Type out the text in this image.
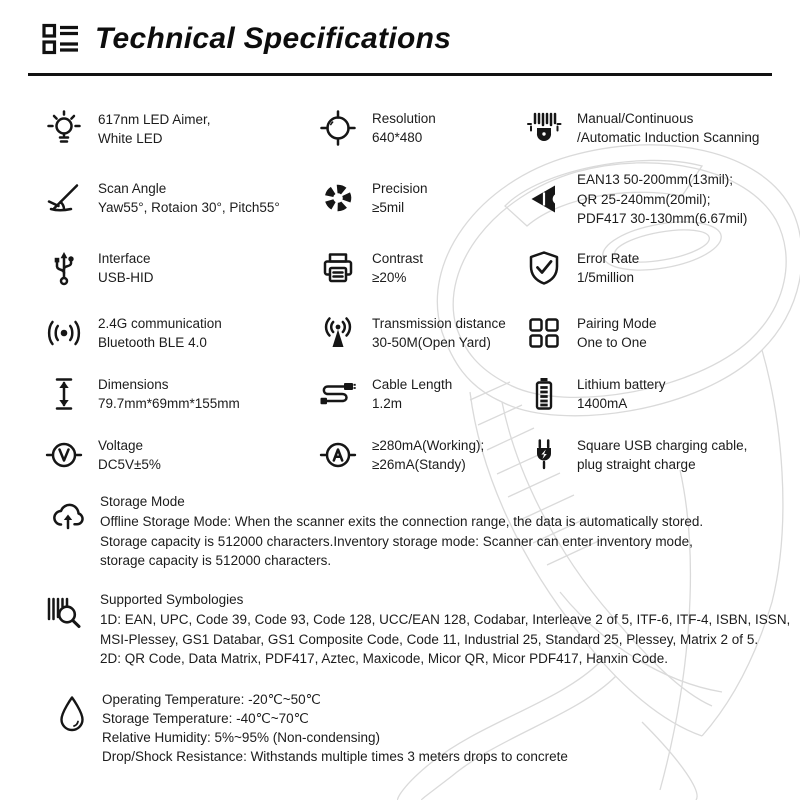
Technical Specifications
617nm LED Aimer,
White LED
Resolution
640*480
Manual/Continuous
/Automatic Induction Scanning
Scan Angle
Yaw55°, Rotaion 30°, Pitch55°
Precision
≥5mil
EAN13 50-200mm(13mil);
QR 25-240mm(20mil);
PDF417 30-130mm(6.67mil)
Interface
USB-HID
Contrast
≥20%
Error Rate
1/5million
2.4G communication
Bluetooth BLE 4.0
Transmission distance
30-50M(Open Yard)
Pairing Mode
One to One
Dimensions
79.7mm*69mm*155mm
Cable Length
1.2m
Lithium battery
1400mA
Voltage
DC5V±5%
≥280mA(Working);
≥26mA(Standy)
Square USB charging cable,
plug straight charge
Storage Mode
Offline Storage Mode: When the scanner exits the connection range, the data is automatically stored.
Storage capacity is 512000 characters.Inventory storage mode: Scanner can enter inventory mode,
storage capacity is 512000 characters.
Supported Symbologies
1D: EAN, UPC, Code 39, Code 93, Code 128, UCC/EAN 128, Codabar, Interleave 2 of 5, ITF-6, ITF-4, ISBN, ISSN,
MSI-Plessey, GS1 Databar, GS1 Composite Code, Code 11, Industrial 25, Standard 25, Plessey, Matrix 2 of 5.
2D: QR Code, Data Matrix, PDF417, Aztec, Maxicode, Micor QR, Micor PDF417, Hanxin Code.
Operating Temperature: -20℃~50℃
Storage Temperature: -40℃~70℃
Relative Humidity: 5%~95% (Non-condensing)
Drop/Shock Resistance: Withstands multiple times 3 meters drops to concrete
